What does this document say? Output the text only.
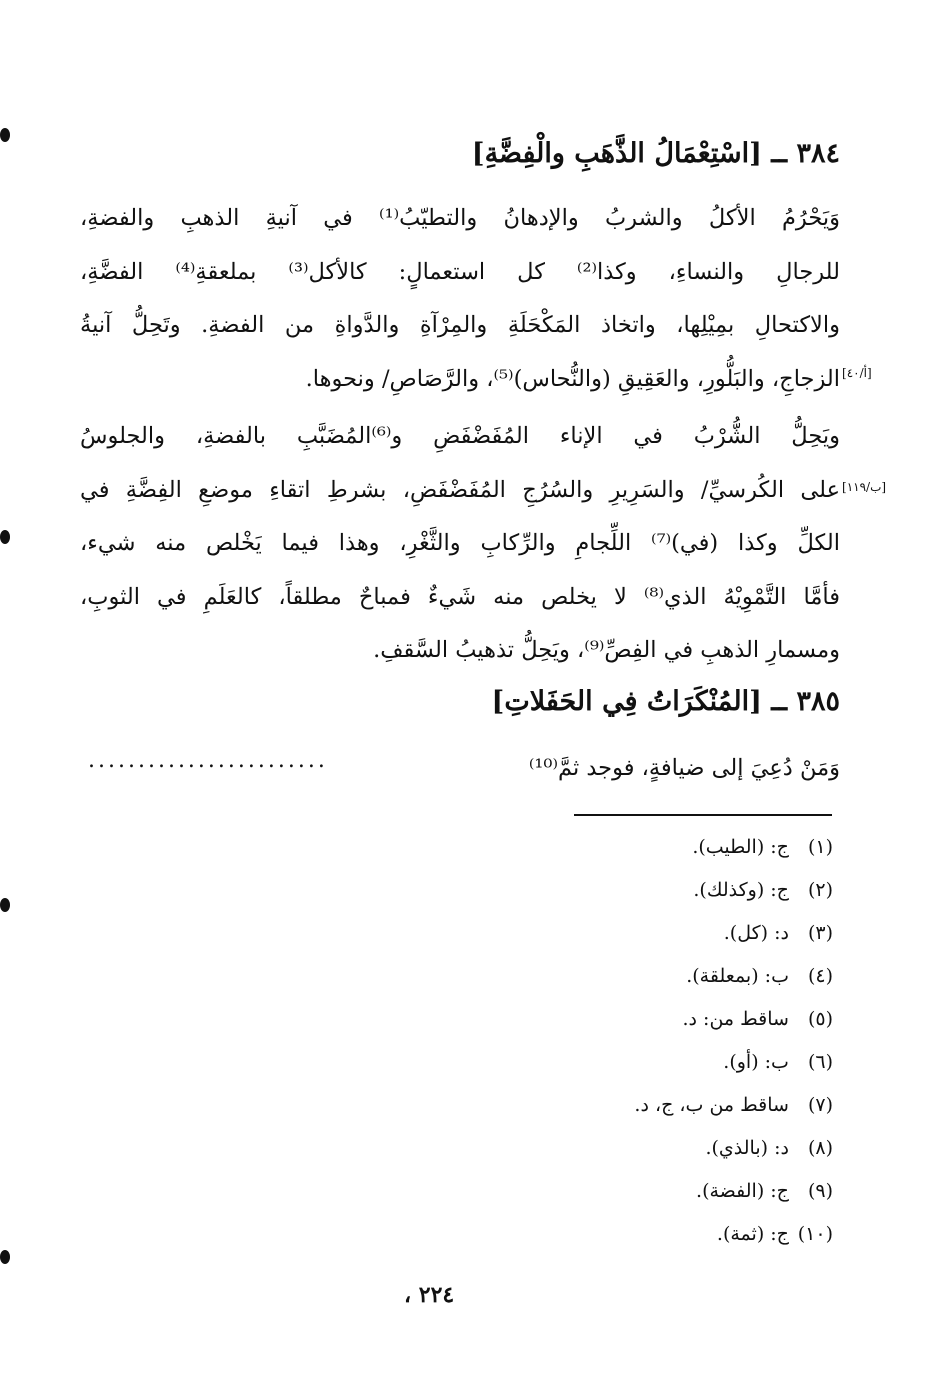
٣٨٤ ــ [اسْتِعْمَالُ الذَّهَبِ والْفِضَّةِ]
وَيَحْرُمُ الأكلُ والشربُ والإدهانُ والتطيّبُ⁽¹⁾ في آنيةِ الذهبِ والفضةِ،
للرجالِ والنساءِ، وكذا⁽²⁾ كل استعمالٍ: كالأكل⁽³⁾ بملعقةِ⁽⁴⁾ الفضَّةِ،
والاكتحالِ بمِيْلِها، واتخاذ المَكْحَلَةِ والمِرْآةِ والدَّواةِ من الفضةِ. وتَحِلُّ آنيةُ
الزجاجِ، والبَلُّورِ، والعَقِيقِ (والنُّحاس)⁽⁵⁾، والرَّصَاصِ/ ونحوها. [أ/٤٠]
ويَحِلُّ الشُّرْبُ في الإناء المُفَضْفَضِ و⁽⁶⁾المُضَبَّبِ بالفضةِ، والجلوسُ
على الكُرسيِّ/ والسَرِيرِ والسُرُجِ المُفَضْفَضِ، بشرطِ اتقاءِ موضعِ الفِضَّةِ في
الكلِّ وكذا (في)⁽⁷⁾ اللِّجامِ والرِّكابِ والثَّغْرِ، وهذا فيما يَخْلص منه شيء،
فأمَّا التَّمْوِيْهُ الذي⁽⁸⁾ لا يخلص منه شَيءٌ فمباحٌ مطلقاً، كالعَلَمِ في الثوبِ،
ومسمارِ الذهبِ في الفِصِّ⁽⁹⁾، ويَحِلُّ تذهيبُ السَّقفِ.
[ب/١١٩]
٣٨٥ ــ [المُنْكَرَاتُ فِي الحَفَلاتِ]
وَمَنْ دُعِيَ إلى ضيافةٍ، فوجد ثمَّ⁽¹⁰⁾
........................
(١) ج: (الطيب).
(٢) ج: (وكذلك).
(٣) د: (كل).
(٤) ب: (بمعلقة).
(٥) ساقط من: د.
(٦) ب: (أو).
(٧) ساقط من ب، ج، د.
(٨) د: (بالذي).
(٩) ج: (الفضة).
(١٠) ج: (ثمة).
٢٢٤ ،
